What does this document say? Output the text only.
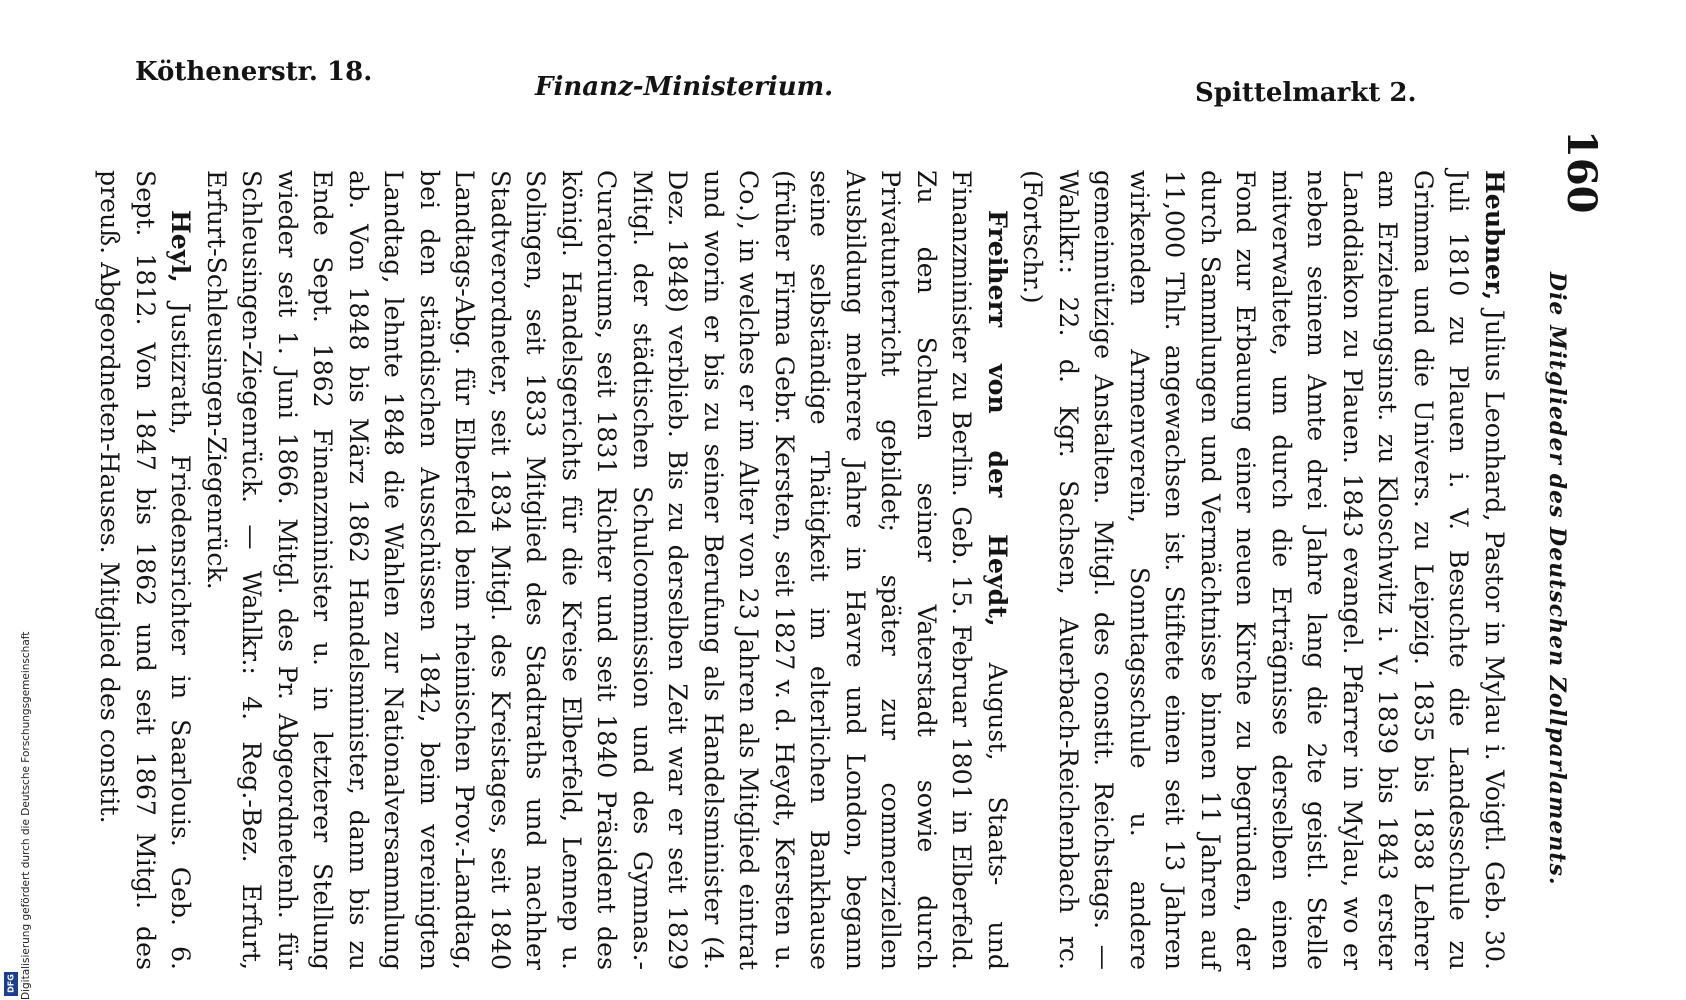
160
Die Mitglieder des Deutschen Zollparlaments.

Heubner, Julius Leonhard, Pastor in Mylau i. Voigtl. Geb. 30. Juli 1810 zu Plauen i. V. Besuchte die Landesschule zu Grimma und die Univers. zu Leipzig. 1835 bis 1838 Lehrer am Erziehungsinst. zu Kloschwitz i. V. 1839 bis 1843 erster Landdiakon zu Plauen. 1843 evangel. Pfarrer in Mylau, wo er neben seinem Amte drei Jahre lang die 2te geistl. Stelle mitverwaltete, um durch die Erträgnisse derselben einen Fond zur Erbauung einer neuen Kirche zu begründen, der durch Sammlungen und Vermächtnisse binnen 11 Jahren auf 11,000 Thlr. angewachsen ist. Stiftete einen seit 13 Jahren wirkenden Armenverein, Sonntagsschule u. andere gemeinnützige Anstalten. Mitgl. des constit. Reichstags. — Wahlkr.: 22. d. Kgr. Sachsen, Auerbach-Reichenbach rc. (Fortschr.)

Freiherr von der Heydt, August, Staats- und Finanzminister zu Berlin. Geb. 15. Februar 1801 in Elberfeld. Zu den Schulen seiner Vaterstadt sowie durch Privatunterricht gebildet; später zur commerziellen Ausbildung mehrere Jahre in Havre und London, begann seine selbständige Thätigkeit im elterlichen Bankhause (früher Firma Gebr. Kersten, seit 1827 v. d. Heydt, Kersten u. Co.), in welches er im Alter von 23 Jahren als Mitglied eintrat und worin er bis zu seiner Berufung als Handelsminister (4. Dez. 1848) verblieb. Bis zu derselben Zeit war er seit 1829 Mitgl. der städtischen Schulcommission und des Gymnas.-Curatoriums, seit 1831 Richter und seit 1840 Präsident des königl. Handelsgerichts für die Kreise Elberfeld, Lennep u. Solingen, seit 1833 Mitglied des Stadtraths und nachher Stadtverordneter, seit 1834 Mitgl. des Kreistages, seit 1840 Landtags-Abg. für Elberfeld beim rheinischen Prov.-Landtag, bei den ständischen Ausschüssen 1842, beim vereinigten Landtag, lehnte 1848 die Wahlen zur Nationalversammlung ab. Von 1848 bis März 1862 Handelsminister, dann bis zu Ende Sept. 1862 Finanzminister u. in letzterer Stellung wieder seit 1. Juni 1866. Mitgl. des Pr. Abgeordnetenh. für Schleusingen-Ziegenrück. — Wahlkr.: 4. Reg.-Bez. Erfurt, Erfurt-Schleusingen-Ziegenrück.

Heyl, Justizrath, Friedensrichter in Saarlouis. Geb. 6. Sept. 1812. Von 1847 bis 1862 und seit 1867 Mitgl. des preuß. Abgeordneten-Hauses. Mitglied des constit.

Köthenerstr. 18.	Finanz-Ministerium.	Spittelmarkt 2.
Digitalisierung gefördert durch die Deutsche Forschungsgemeinschaft
DFG
